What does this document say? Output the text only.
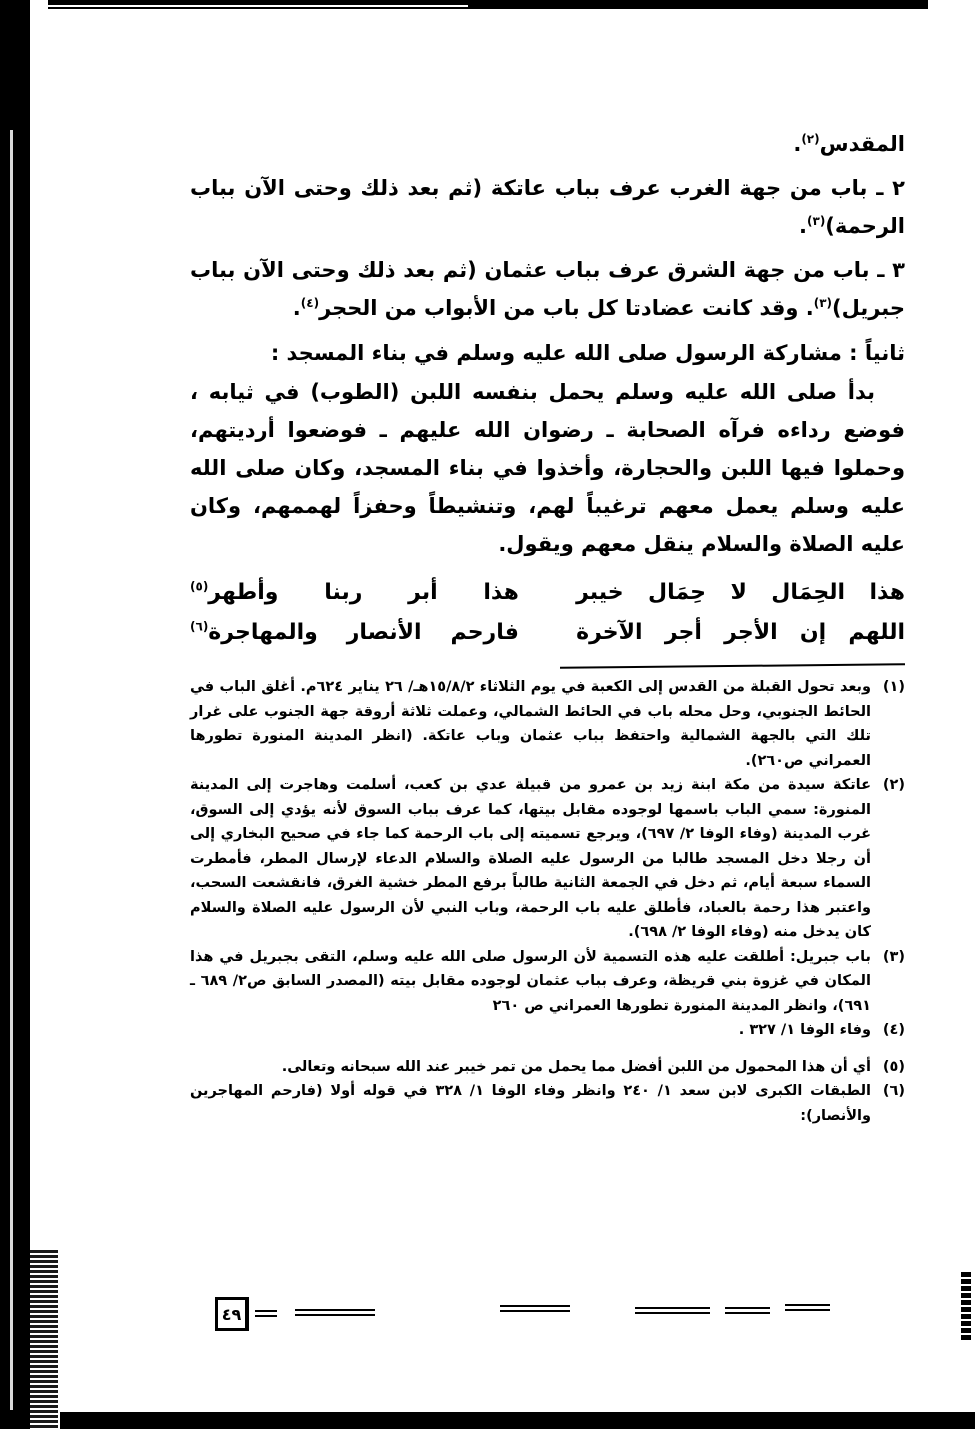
المقدس$^{(٢)}$.

٢ ـ باب من جهة الغرب عرف بباب عاتكة (ثم بعد ذلك وحتى الآن بباب الرحمة)$^{(٣)}$.

٣ ـ باب من جهة الشرق عرف بباب عثمان (ثم بعد ذلك وحتى الآن بباب جبريل)$^{(٣)}$. وقد كانت عضادتا كل باب من الأبواب من الحجر$^{(٤)}$.

ثانياً : مشاركة الرسول صلى الله عليه وسلم في بناء المسجد :

بدأ صلى الله عليه وسلم يحمل بنفسه اللبن (الطوب) في ثيابه ، فوضع رداءه فرآه الصحابة ـ رضوان الله عليهم ـ فوضعوا أرديتهم، وحملوا فيها اللبن والحجارة، وأخذوا في بناء المسجد، وكان صلى الله عليه وسلم يعمل معهم ترغيباً لهم، وتنشيطاً وحفزاً لهممهم، وكان عليه الصلاة والسلام ينقل معهم ويقول.

هذا الحِمَال لا حِمَال خيبر
هذا أبر ربنا وأطهر$^{(٥)}$
اللهم إن الأجر أجر الآخرة
فارحم الأنصار والمهاجرة$^{(٦)}$
(١)
وبعد تحول القبلة من القدس إلى الكعبة في يوم الثلاثاء ١٥/٨/٢هـ/ ٢٦ يناير ٦٢٤م. أغلق الباب في الحائط الجنوبي، وحل محله باب في الحائط الشمالي، وعملت ثلاثة أروقة جهة الجنوب على غرار تلك التي بالجهة الشمالية واحتفظ بباب عثمان وباب عاتكة. (انظر المدينة المنورة تطورها العمراني ص٢٦٠).
(٢)
عاتكة سيدة من مكة ابنة زيد بن عمرو من قبيلة عدي بن كعب، أسلمت وهاجرت إلى المدينة المنورة: سمي الباب باسمها لوجوده مقابل بيتها، كما عرف بباب السوق لأنه يؤدي إلى السوق، غرب المدينة (وفاء الوفا ٢/ ٦٩٧)، ويرجع تسميته إلى باب الرحمة كما جاء في صحيح البخاري إلى أن رجلا دخل المسجد طالبا من الرسول عليه الصلاة والسلام الدعاء لإرسال المطر، فأمطرت السماء سبعة أيام، ثم دخل في الجمعة الثانية طالباً برفع المطر خشية الغرق، فانقشعت السحب، واعتبر هذا رحمة بالعباد، فأطلق عليه باب الرحمة، وباب النبي لأن الرسول عليه الصلاة والسلام كان يدخل منه (وفاء الوفا ٢/ ٦٩٨).
(٣)
باب جبريل: أطلقت عليه هذه التسمية لأن الرسول صلى الله عليه وسلم، التقى بجبريل في هذا المكان في غزوة بني قريظة، وعرف بباب عثمان لوجوده مقابل بيته (المصدر السابق ص٢/ ٦٨٩ ـ ٦٩١)، وانظر المدينة المنورة تطورها العمراني ص ٢٦٠
(٤)
وفاء الوفا ١/ ٣٢٧ .
(٥)
أي أن هذا المحمول من اللبن أفضل مما يحمل من تمر خيبر عند الله سبحانه وتعالى.
(٦)
الطبقات الكبرى لابن سعد ١/ ٢٤٠ وانظر وفاء الوفا ١/ ٣٢٨ في قوله أولا (فارحم المهاجرين والأنصار):
٤٩
